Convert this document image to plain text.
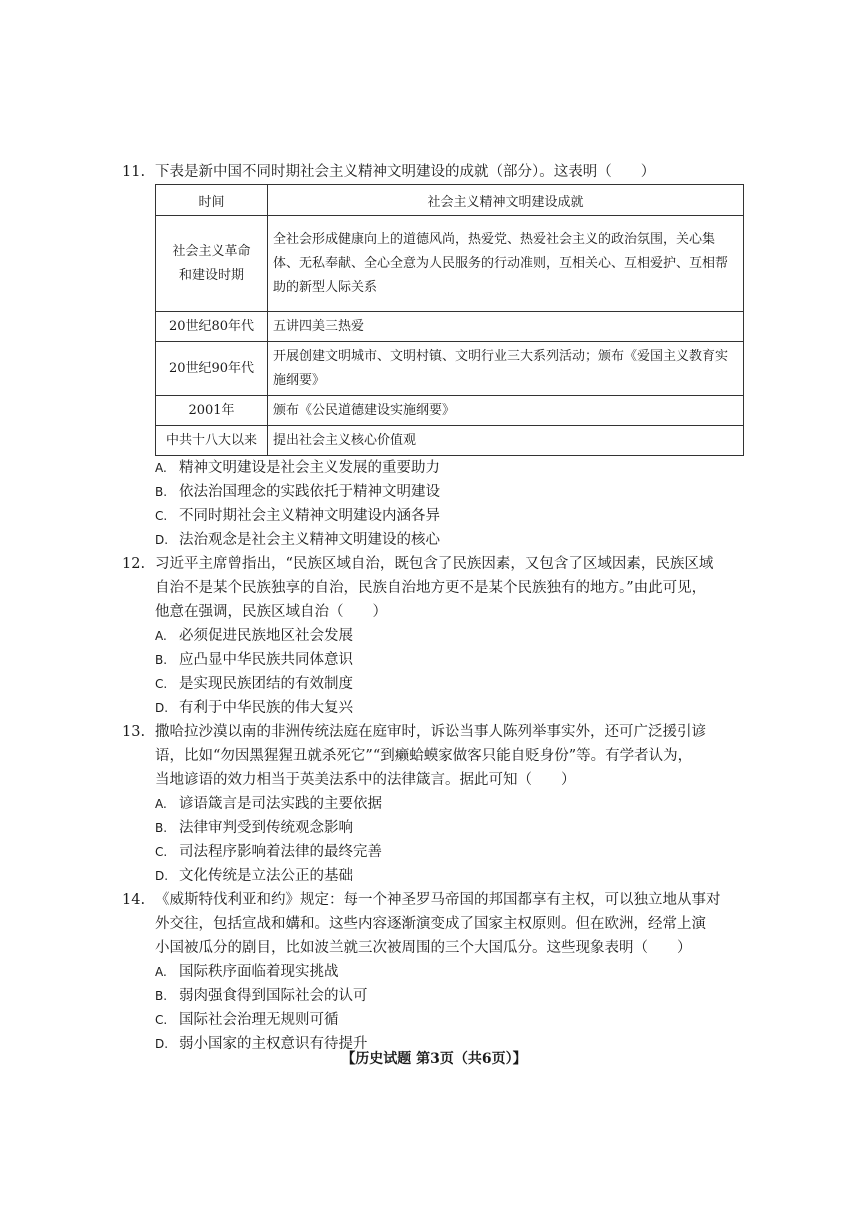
11. 下表是新中国不同时期社会主义精神文明建设的成就（部分）。这表明（　　）
时间	社会主义精神文明建设成就
社会主义革命和建设时期	全社会形成健康向上的道德风尚，热爱党、热爱社会主义的政治氛围，关心集体、无私奉献、全心全意为人民服务的行动准则，互相关心、互相爱护、互相帮助的新型人际关系
20世纪80年代	五讲四美三热爱
20世纪90年代	开展创建文明城市、文明村镇、文明行业三大系列活动；颁布《爱国主义教育实施纲要》
2001年	颁布《公民道德建设实施纲要》
中共十八大以来	提出社会主义核心价值观
A. 精神文明建设是社会主义发展的重要助力
B. 依法治国理念的实践依托于精神文明建设
C. 不同时期社会主义精神文明建设内涵各异
D. 法治观念是社会主义精神文明建设的核心
12. 习近平主席曾指出，“民族区域自治，既包含了民族因素，又包含了区域因素，民族区域
自治不是某个民族独享的自治，民族自治地方更不是某个民族独有的地方。”由此可见，
他意在强调，民族区域自治（　　）
A. 必须促进民族地区社会发展
B. 应凸显中华民族共同体意识
C. 是实现民族团结的有效制度
D. 有利于中华民族的伟大复兴
13. 撒哈拉沙漠以南的非洲传统法庭在庭审时，诉讼当事人陈列举事实外，还可广泛援引谚
语，比如“勿因黑猩猩丑就杀死它”“到癞蛤蟆家做客只能自贬身份”等。有学者认为，
当地谚语的效力相当于英美法系中的法律箴言。据此可知（　　）
A. 谚语箴言是司法实践的主要依据
B. 法律审判受到传统观念影响
C. 司法程序影响着法律的最终完善
D. 文化传统是立法公正的基础
14. 《威斯特伐利亚和约》规定：每一个神圣罗马帝国的邦国都享有主权，可以独立地从事对
外交往，包括宣战和媾和。这些内容逐渐演变成了国家主权原则。但在欧洲，经常上演
小国被瓜分的剧目，比如波兰就三次被周围的三个大国瓜分。这些现象表明（　　）
A. 国际秩序面临着现实挑战
B. 弱肉强食得到国际社会的认可
C. 国际社会治理无规则可循
D. 弱小国家的主权意识有待提升
【历史试题 第3页（共6页）】
